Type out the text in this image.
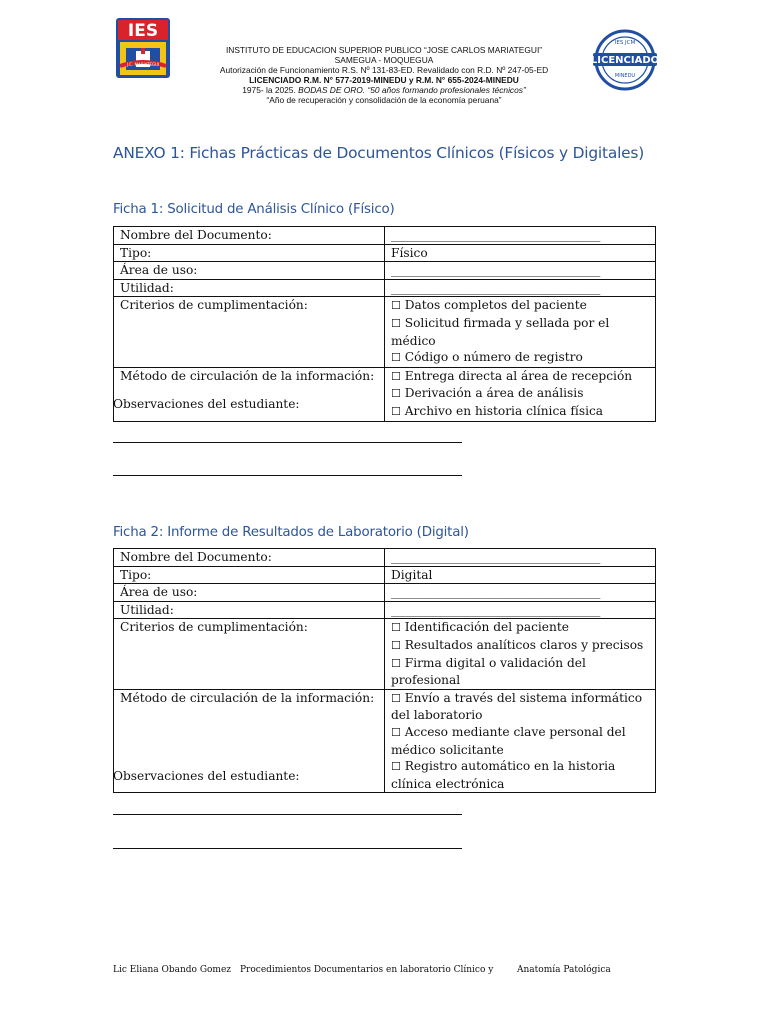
IES
J.C. MARIATEGUI
INSTITUTO DE EDUCACION SUPERIOR PUBLICO “JOSE CARLOS MARIATEGUI”
SAMEGUA - MOQUEGUA
Autorización de Funcionamiento R.S. Nº 131-83-ED. Revalidado con R.D. Nº 247-05-ED
LICENCIADO R.M. N° 577-2019-MINEDU y R.M. N° 655-2024-MINEDU
1975- la 2025. BODAS DE ORO. “50 años formando profesionales técnicos”
“Año de recuperación y consolidación de la economía peruana”
IES JCM
LICENCIADO
MINEDU
ANEXO 1: Fichas Prácticas de Documentos Clínicos (Físicos y Digitales)
Ficha 1: Solicitud de Análisis Clínico (Físico)
Nombre del Documento:	______________________________________

Tipo:	Físico
Área de uso:	______________________________________

Utilidad:	______________________________________

Criterios de cumplimentación:	☐ Datos completos del paciente
☐ Solicitud firmada y sellada por el médico
☐ Código o número de registro

Método de circulación de la información:	☐ Entrega directa al área de recepción
☐ Derivación a área de análisis
☐ Archivo en historia clínica física
Observaciones del estudiante:
Ficha 2: Informe de Resultados de Laboratorio (Digital)
Nombre del Documento:	______________________________________

Tipo:	Digital
Área de uso:	______________________________________

Utilidad:	______________________________________

Criterios de cumplimentación:	☐ Identificación del paciente
☐ Resultados analíticos claros y precisos
☐ Firma digital o validación del profesional

Método de circulación de la información:	☐ Envío a través del sistema informático del laboratorio
☐ Acceso mediante clave personal del médico solicitante
☐ Registro automático en la historia clínica electrónica
Observaciones del estudiante:
Lic Eliana Obando Gomez Procedimientos Documentarios en laboratorio Clínico y	Anatomía Patológica
